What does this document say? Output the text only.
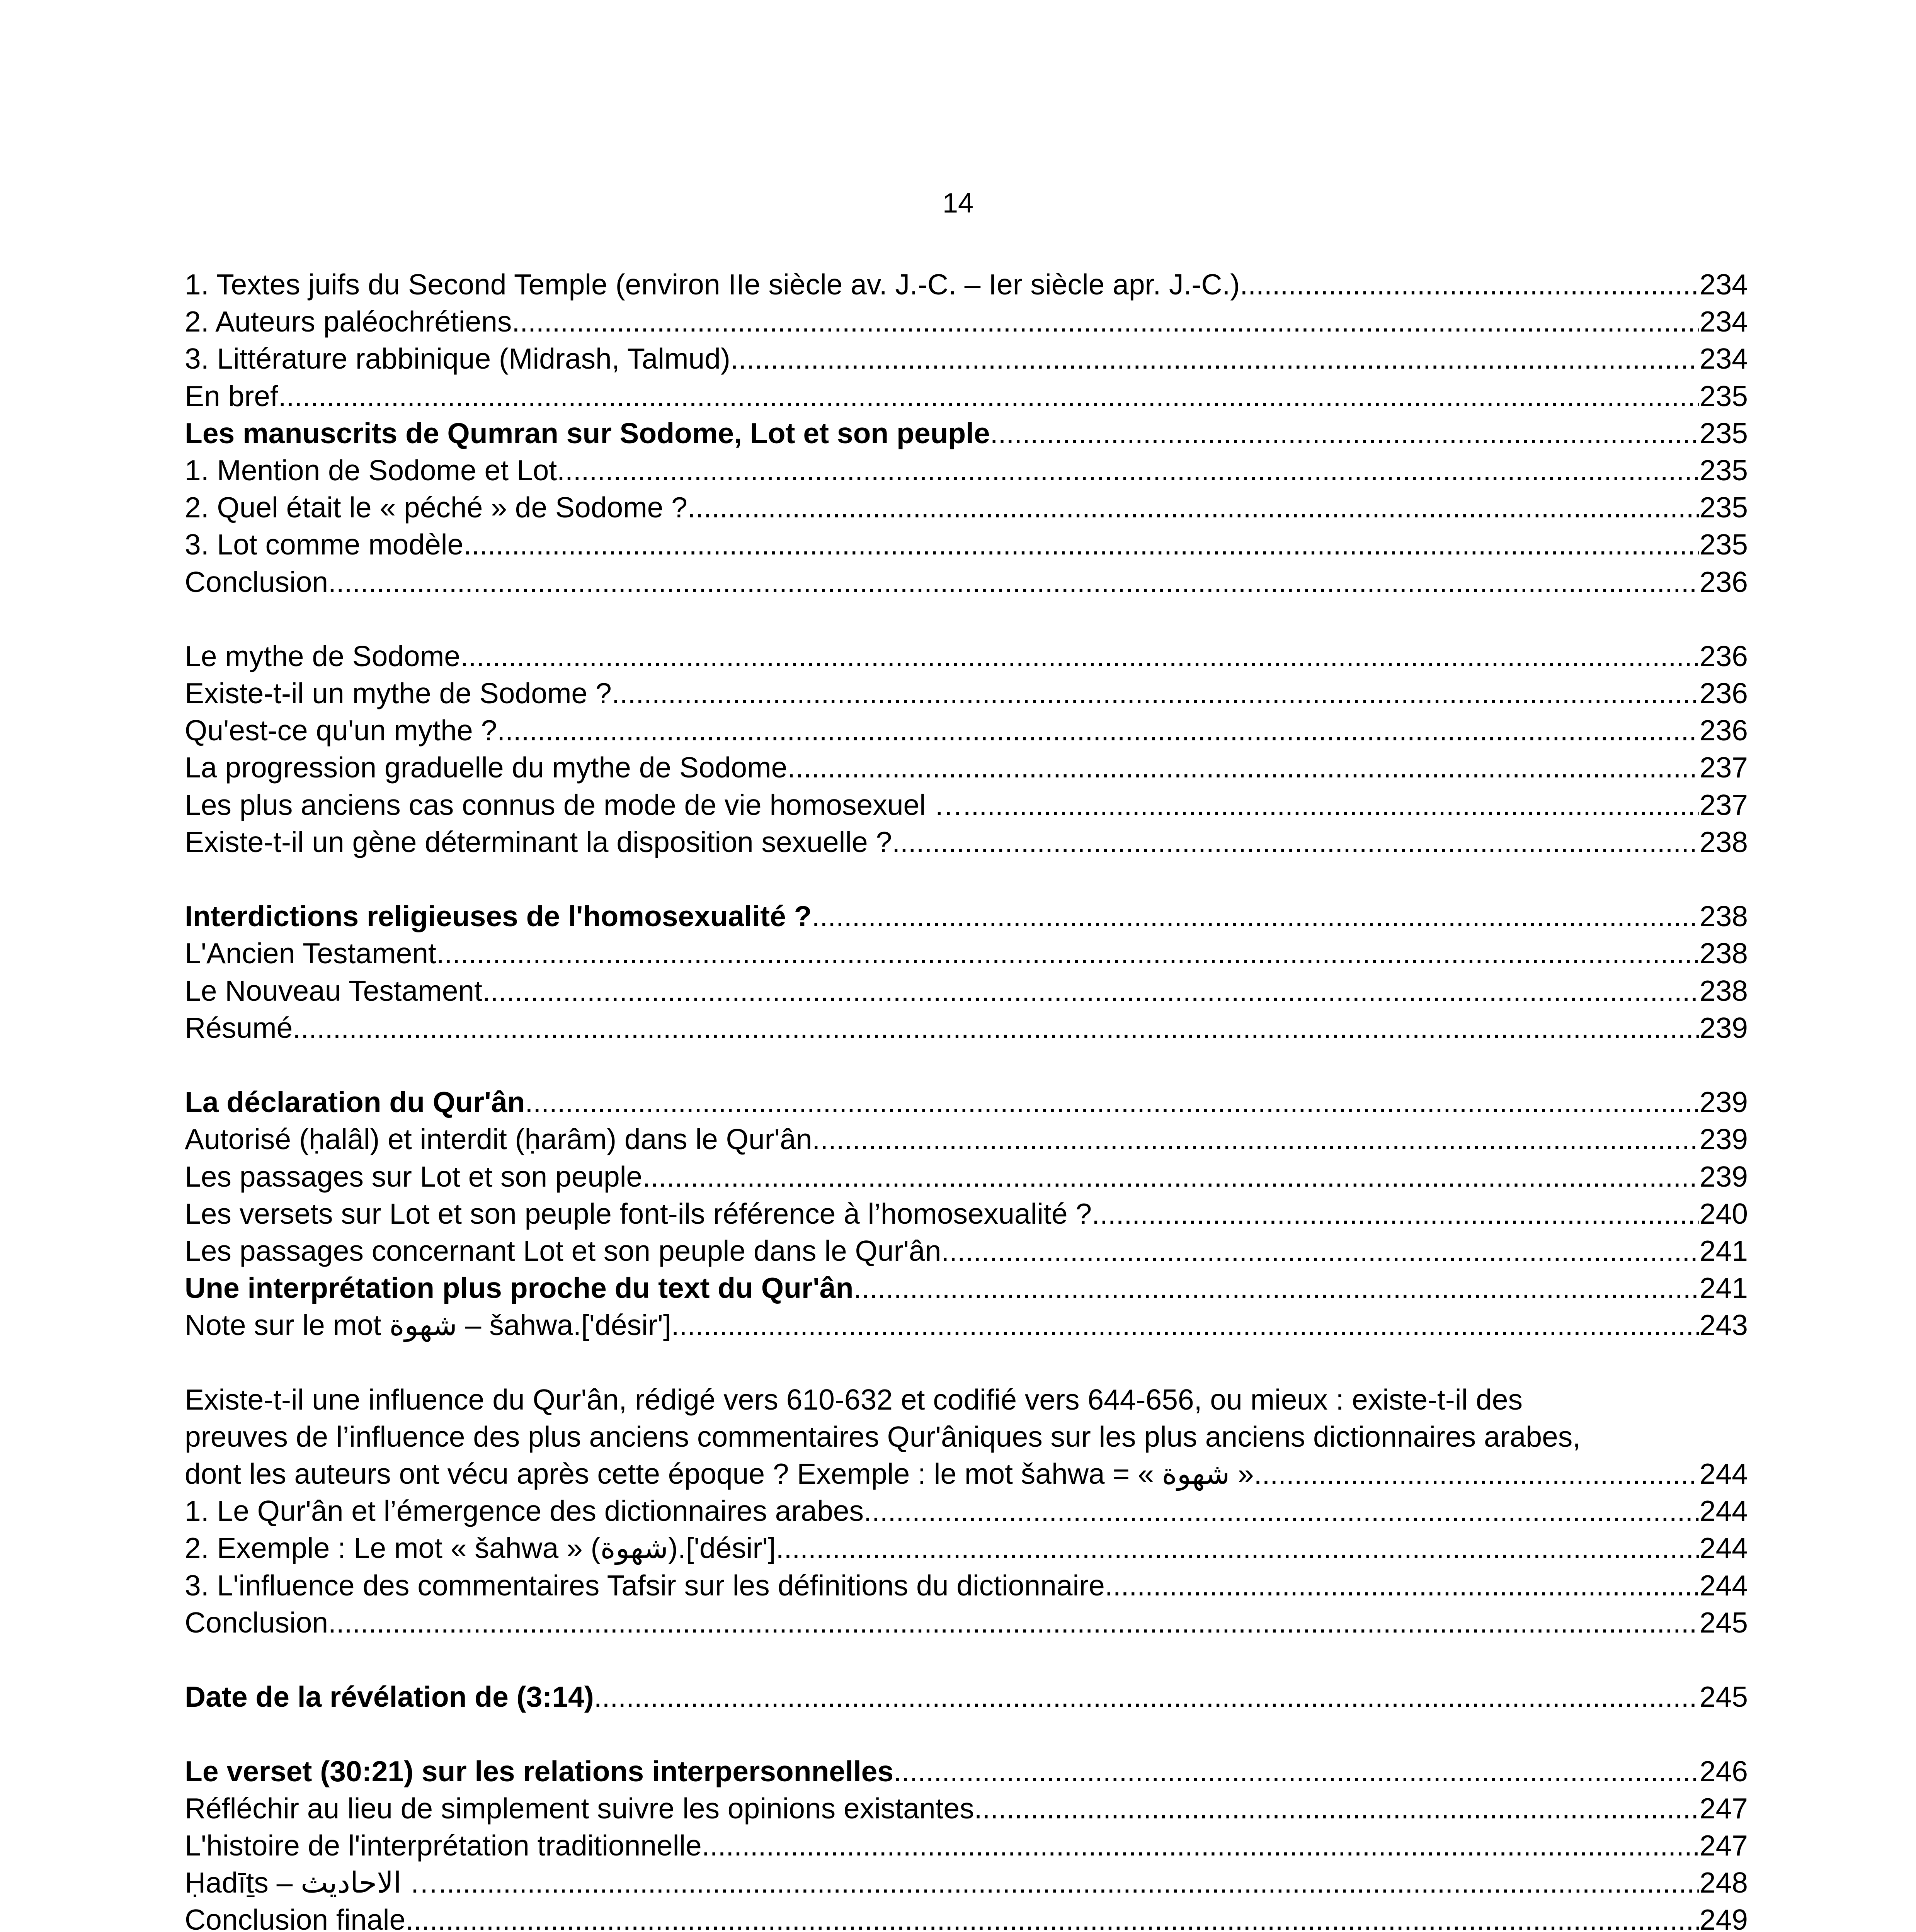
14
1. Textes juifs du Second Temple (environ IIe siècle av. J.-C. – Ier siècle apr. J.-C.) .....	234
2. Auteurs paléochrétiens .....	234
3. Littérature rabbinique (Midrash, Talmud) .....	234
En bref .....	235
Les manuscrits de Qumran sur Sodome, Lot et son peuple .....	235
1. Mention de Sodome et Lot .....	235
2. Quel était le « péché » de Sodome ? .....	235
3. Lot comme modèle .....	235
Conclusion .....	236
Le mythe de Sodome .....	236
Existe-t-il un mythe de Sodome ? .....	236
Qu'est-ce qu'un mythe ? .....	236
La progression graduelle du mythe de Sodome .....	237
Les plus anciens cas connus de mode de vie homosexuel … .....	237
Existe-t-il un gène déterminant la disposition sexuelle ? .....	238
Interdictions religieuses de l'homosexualité ? .....	238
L'Ancien Testament .....	238
Le Nouveau Testament .....	238
Résumé .....	239
La déclaration du Qur'ân .....	239
Autorisé (ḥalâl) et interdit (ḥarâm) dans le Qur'ân .....	239
Les passages sur Lot et son peuple .....	239
Les versets sur Lot et son peuple font-ils référence à l’homosexualité ? .....	240
Les passages concernant Lot et son peuple dans le Qur'ân .....	241
Une interprétation plus proche du text du Qur'ân .....	241
Note sur le mot شهوة – šahwa.['désir'] .....	243
Existe-t-il une influence du Qur'ân, rédigé vers 610-632 et codifié vers 644-656, ou mieux : existe-t-il des
preuves de l’influence des plus anciens commentaires Qur'âniques sur les plus anciens dictionnaires arabes,
dont les auteurs ont vécu après cette époque ? Exemple : le mot šahwa = « شهوة » .....	244
1. Le Qur'ân et l’émergence des dictionnaires arabes .....	244
2. Exemple : Le mot « šahwa » (شهوة).['désir'] .....	244
3. L'influence des commentaires Tafsir sur les définitions du dictionnaire .....	244
Conclusion .....	245
Date de la révélation de (3:14) .....	245
Le verset (30:21) sur les relations interpersonnelles .....	246
Réfléchir au lieu de simplement suivre les opinions existantes .....	247
L'histoire de l'interprétation traditionnelle .....	247
Ḥadīṯs – الاحاديث … .....	248
Conclusion finale .....	249
